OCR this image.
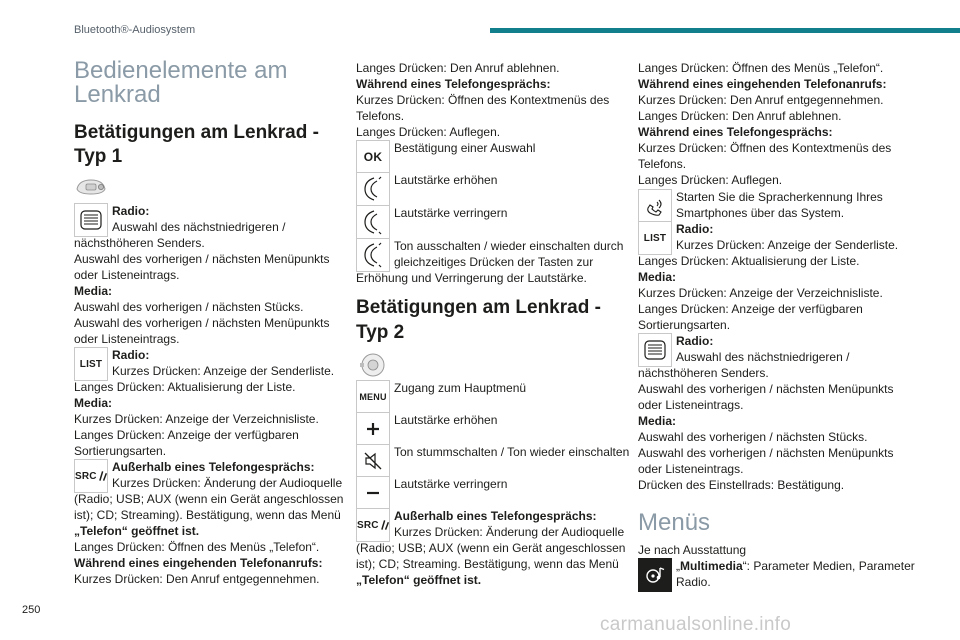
Bluetooth®-Audiosystem
Bedienelemente am
Lenkrad
Betätigungen am Lenkrad -
Typ 1
Radio:
Auswahl des nächstniedrigeren /
nächsthöheren Senders.
Auswahl des vorherigen / nächsten Menüpunkts
oder Listeneintrags.
Media:
Auswahl des vorherigen / nächsten Stücks.
Auswahl des vorherigen / nächsten Menüpunkts
oder Listeneintrags.
LIST
Radio:
Kurzes Drücken: Anzeige der Senderliste.
Langes Drücken: Aktualisierung der Liste.
Media:
Kurzes Drücken: Anzeige der Verzeichnisliste.
Langes Drücken: Anzeige der verfügbaren
Sortierungsarten.
SRC
Außerhalb eines Telefongesprächs:
Kurzes Drücken: Änderung der Audioquelle
(Radio; USB; AUX (wenn ein Gerät angeschlossen
ist); CD; Streaming). Bestätigung, wenn das Menü
„Telefon“ geöffnet ist.
Langes Drücken: Öffnen des Menüs „Telefon“.
Während eines eingehenden Telefonanrufs:
Kurzes Drücken: Den Anruf entgegennehmen.
Langes Drücken: Den Anruf ablehnen.
Während eines Telefongesprächs:
Kurzes Drücken: Öffnen des Kontextmenüs des
Telefons.
Langes Drücken: Auflegen.
OK
Bestätigung einer Auswahl
Lautstärke erhöhen
Lautstärke verringern
Ton ausschalten / wieder einschalten durch
gleichzeitiges Drücken der Tasten zur
Erhöhung und Verringerung der Lautstärke.
Betätigungen am Lenkrad -
Typ 2
MENU
Zugang zum Hauptmenü
Lautstärke erhöhen
Ton stummschalten / Ton wieder einschalten
Lautstärke verringern
SRC
Außerhalb eines Telefongesprächs:
Kurzes Drücken: Änderung der Audioquelle
(Radio; USB; AUX (wenn ein Gerät angeschlossen
ist); CD; Streaming. Bestätigung, wenn das Menü
„Telefon“ geöffnet ist.
Langes Drücken: Öffnen des Menüs „Telefon“.
Während eines eingehenden Telefonanrufs:
Kurzes Drücken: Den Anruf entgegennehmen.
Langes Drücken: Den Anruf ablehnen.
Während eines Telefongesprächs:
Kurzes Drücken: Öffnen des Kontextmenüs des
Telefons.
Langes Drücken: Auflegen.
Starten Sie die Spracherkennung Ihres
Smartphones über das System.
LIST
Radio:
Kurzes Drücken: Anzeige der Senderliste.
Langes Drücken: Aktualisierung der Liste.
Media:
Kurzes Drücken: Anzeige der Verzeichnisliste.
Langes Drücken: Anzeige der verfügbaren
Sortierungsarten.
Radio:
Auswahl des nächstniedrigeren /
nächsthöheren Senders.
Auswahl des vorherigen / nächsten Menüpunkts
oder Listeneintrags.
Media:
Auswahl des vorherigen / nächsten Stücks.
Auswahl des vorherigen / nächsten Menüpunkts
oder Listeneintrags.
Drücken des Einstellrads: Bestätigung.
Menüs
Je nach Ausstattung
„Multimedia“: Parameter Medien, Parameter
Radio.
250
carmanualsonline.info
